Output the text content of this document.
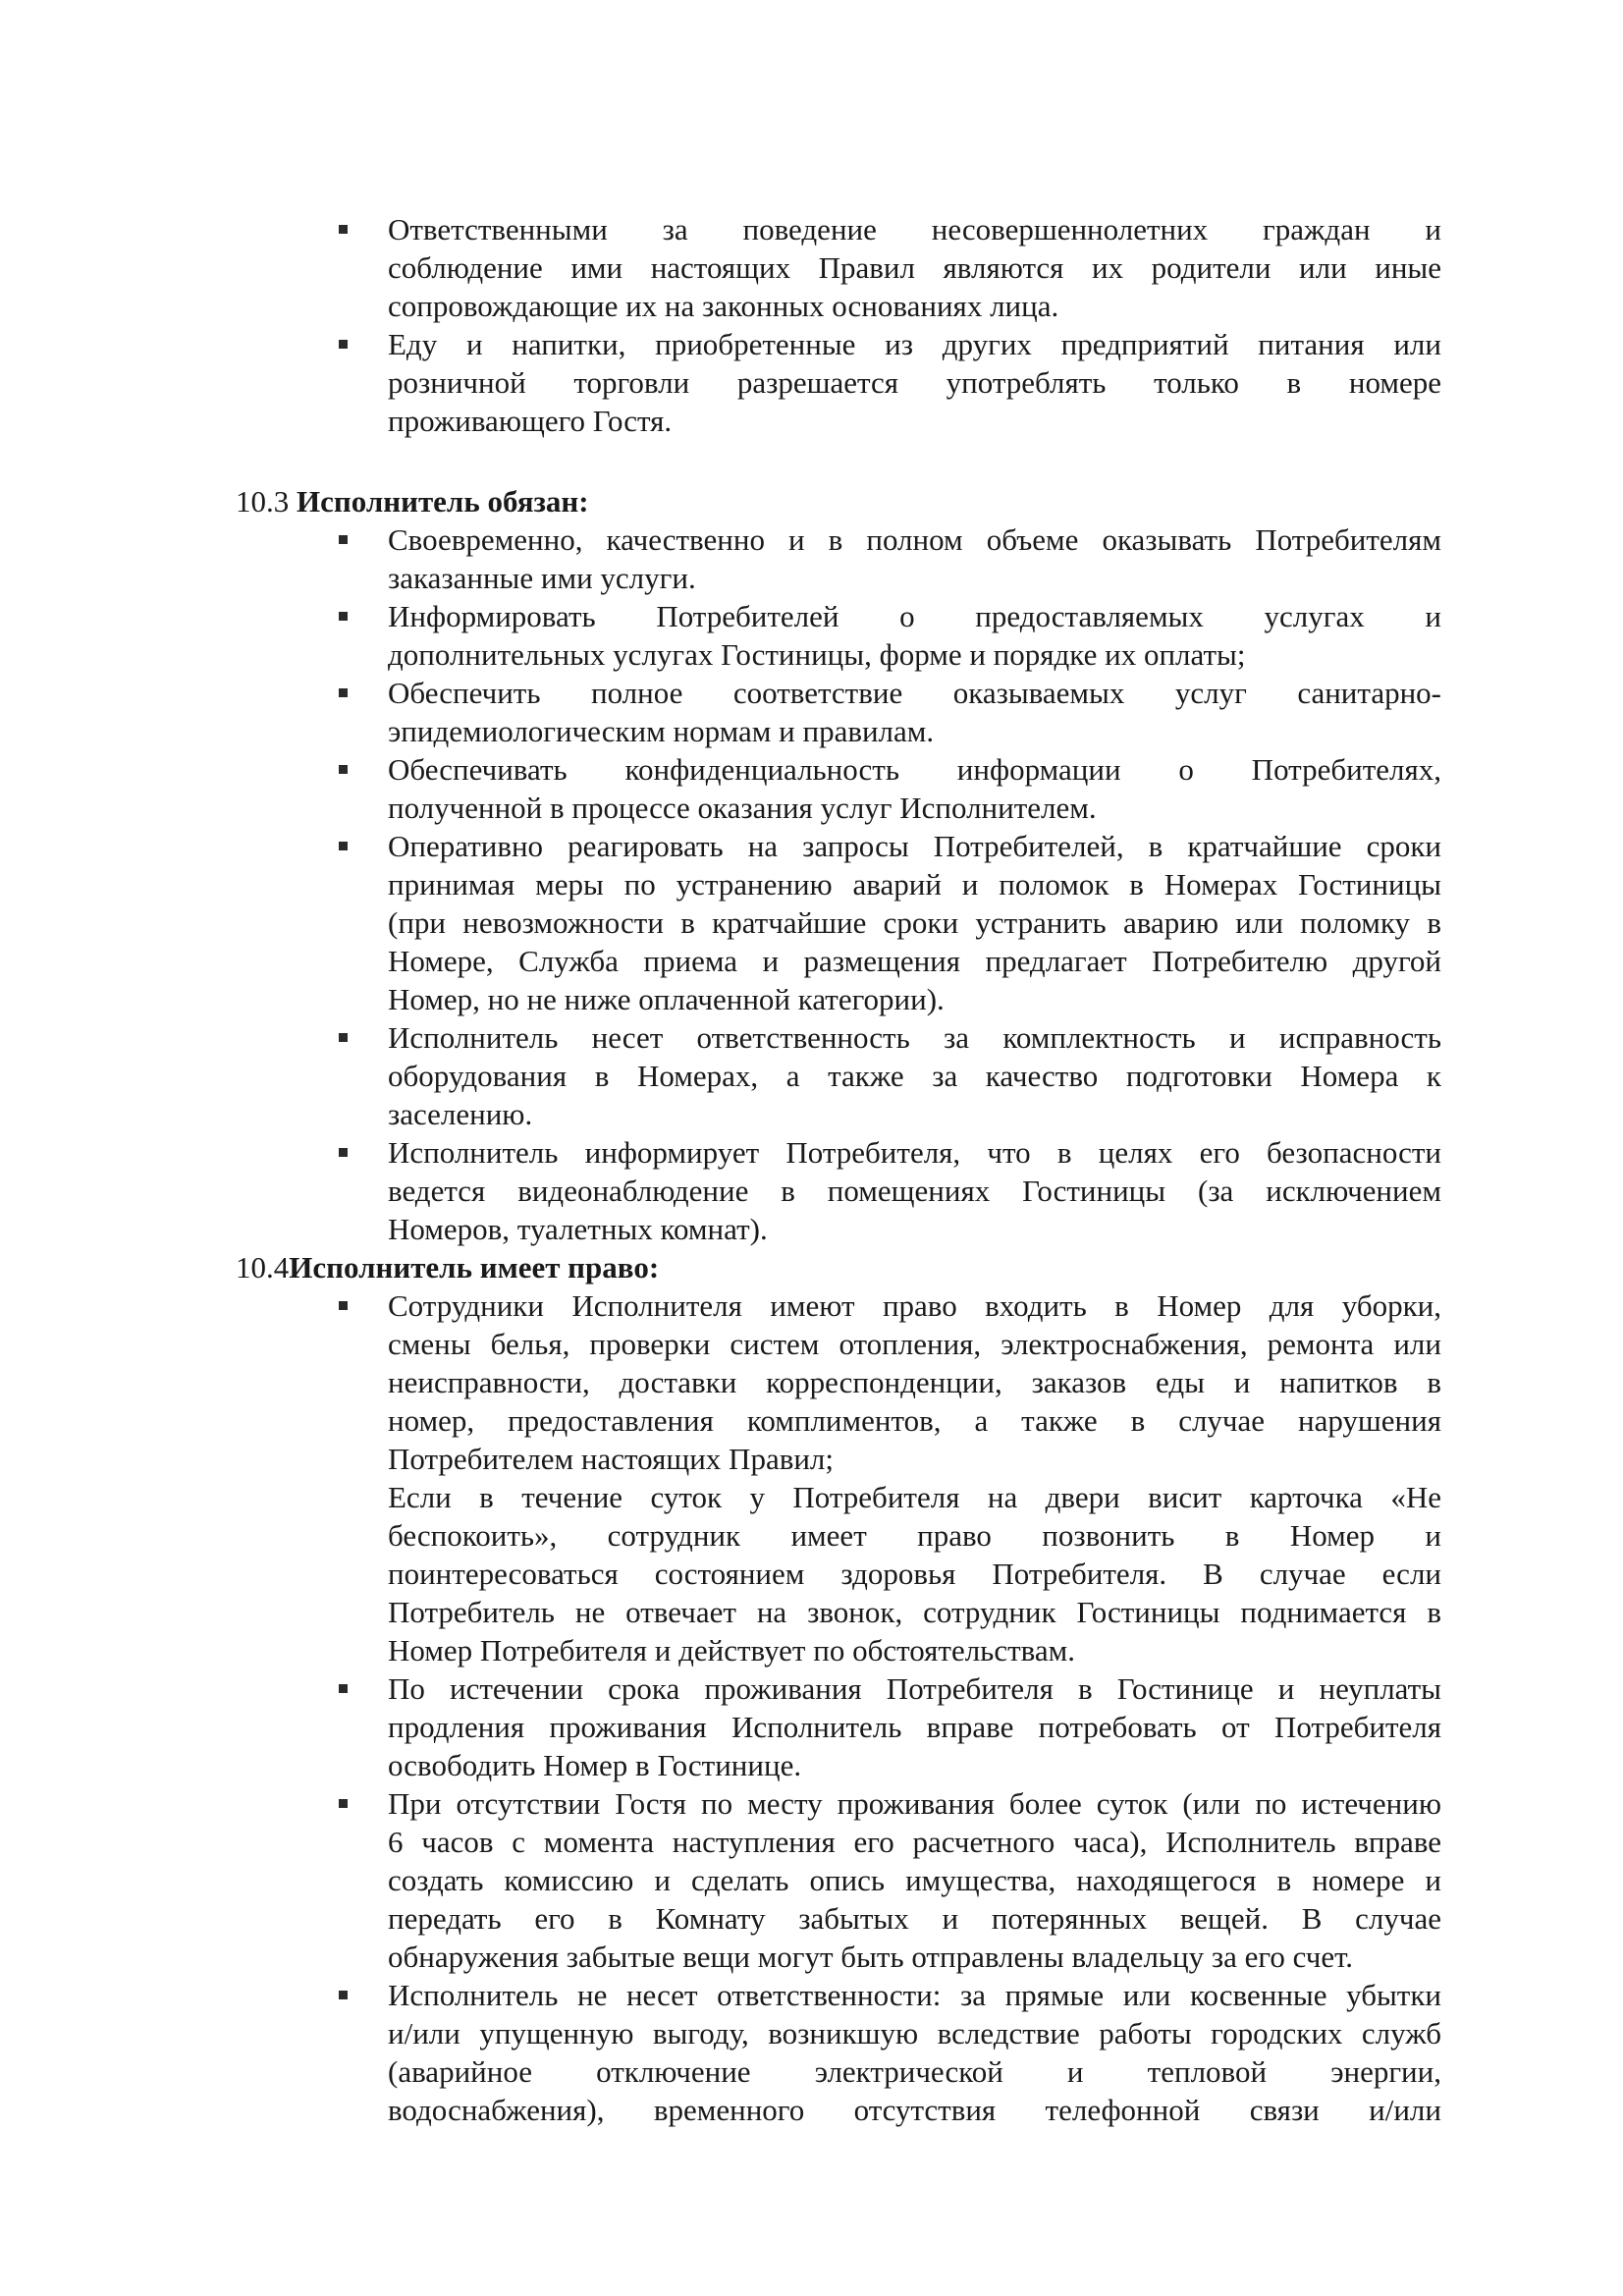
Ответственными за поведение несовершеннолетних граждан и
соблюдение ими настоящих Правил являются их родители или иные
сопровождающие их на законных основаниях лица.
Еду и напитки, приобретенные из других предприятий питания или
розничной торговли разрешается употреблять только в номере
проживающего Гостя.
10.3 Исполнитель обязан:
Своевременно, качественно и в полном объеме оказывать Потребителям
заказанные ими услуги.
Информировать Потребителей о предоставляемых услугах и
дополнительных услугах Гостиницы, форме и порядке их оплаты;
Обеспечить полное соответствие оказываемых услуг санитарно-
эпидемиологическим нормам и правилам.
Обеспечивать конфиденциальность информации о Потребителях,
полученной в процессе оказания услуг Исполнителем.
Оперативно реагировать на запросы Потребителей, в кратчайшие сроки
принимая меры по устранению аварий и поломок в Номерах Гостиницы
(при невозможности в кратчайшие сроки устранить аварию или поломку в
Номере, Служба приема и размещения предлагает Потребителю другой
Номер, но не ниже оплаченной категории).
Исполнитель несет ответственность за комплектность и исправность
оборудования в Номерах, а также за качество подготовки Номера к
заселению.
Исполнитель информирует Потребителя, что в целях его безопасности
ведется видеонаблюдение в помещениях Гостиницы (за исключением
Номеров, туалетных комнат).
10.4Исполнитель имеет право:
Сотрудники Исполнителя имеют право входить в Номер для уборки,
смены белья, проверки систем отопления, электроснабжения, ремонта или
неисправности, доставки корреспонденции, заказов еды и напитков в
номер, предоставления комплиментов, а также в случае нарушения
Потребителем настоящих Правил;
Если в течение суток у Потребителя на двери висит карточка «Не
беспокоить», сотрудник имеет право позвонить в Номер и
поинтересоваться состоянием здоровья Потребителя. В случае если
Потребитель не отвечает на звонок, сотрудник Гостиницы поднимается в
Номер Потребителя и действует по обстоятельствам.
По истечении срока проживания Потребителя в Гостинице и неуплаты
продления проживания Исполнитель вправе потребовать от Потребителя
освободить Номер в Гостинице.
При отсутствии Гостя по месту проживания более суток (или по истечению
6 часов с момента наступления его расчетного часа), Исполнитель вправе
создать комиссию и сделать опись имущества, находящегося в номере и
передать его в Комнату забытых и потерянных вещей. В случае
обнаружения забытые вещи могут быть отправлены владельцу за его счет.
Исполнитель не несет ответственности: за прямые или косвенные убытки
и/или упущенную выгоду, возникшую вследствие работы городских служб
(аварийное отключение электрической и тепловой энергии,
водоснабжения), временного отсутствия телефонной связи и/или
